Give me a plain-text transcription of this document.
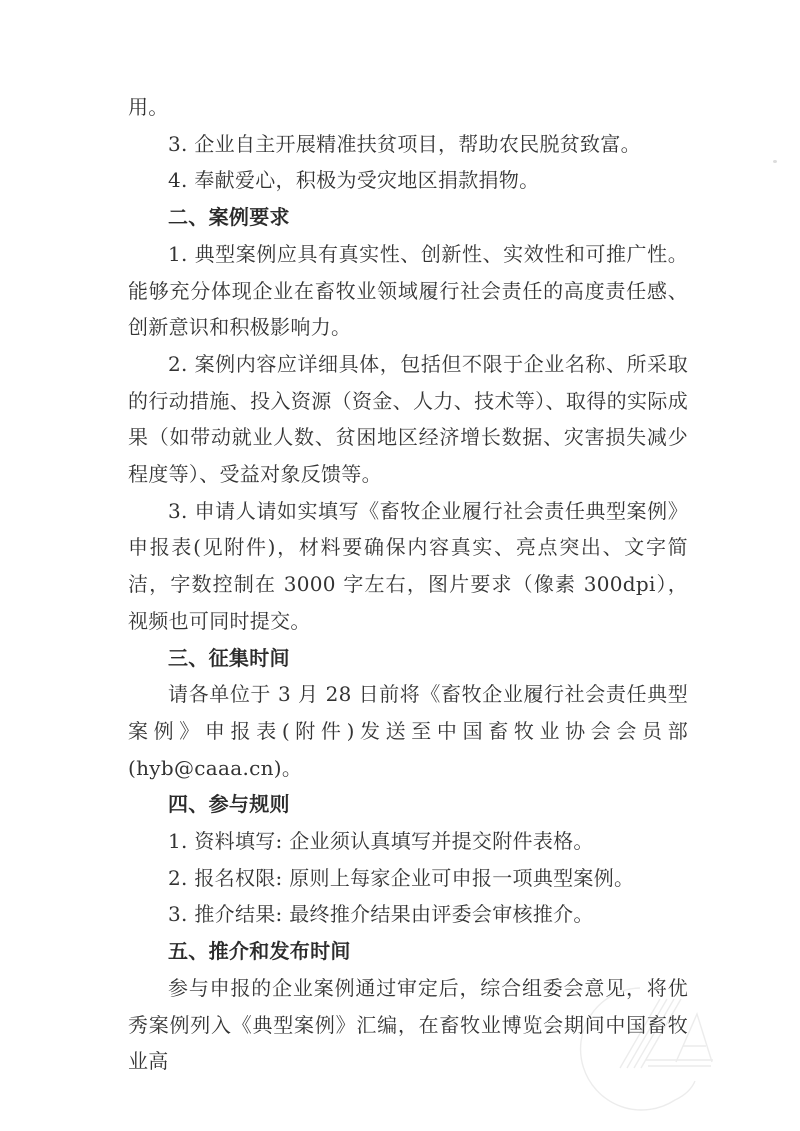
用。
3. 企业自主开展精准扶贫项目，帮助农民脱贫致富。
4. 奉献爱心，积极为受灾地区捐款捐物。
二、案例要求
1. 典型案例应具有真实性、创新性、实效性和可推广性。能够充分体现企业在畜牧业领域履行社会责任的高度责任感、创新意识和积极影响力。
2. 案例内容应详细具体，包括但不限于企业名称、所采取的行动措施、投入资源（资金、人力、技术等）、取得的实际成果（如带动就业人数、贫困地区经济增长数据、灾害损失减少程度等）、受益对象反馈等。
3. 申请人请如实填写《畜牧企业履行社会责任典型案例》申报表(见附件)，材料要确保内容真实、亮点突出、文字简洁，字数控制在 3000 字左右，图片要求（像素 300dpi），视频也可同时提交。
三、征集时间
请各单位于 3 月 28 日前将《畜牧企业履行社会责任典型案例》申报表(附件)发送至中国畜牧业协会会员部(hyb@caaa.cn)。
四、参与规则
1. 资料填写: 企业须认真填写并提交附件表格。
2. 报名权限: 原则上每家企业可申报一项典型案例。
3. 推介结果: 最终推介结果由评委会审核推介。
五、推介和发布时间
参与申报的企业案例通过审定后，综合组委会意见，将优秀案例列入《典型案例》汇编，在畜牧业博览会期间中国畜牧业高
